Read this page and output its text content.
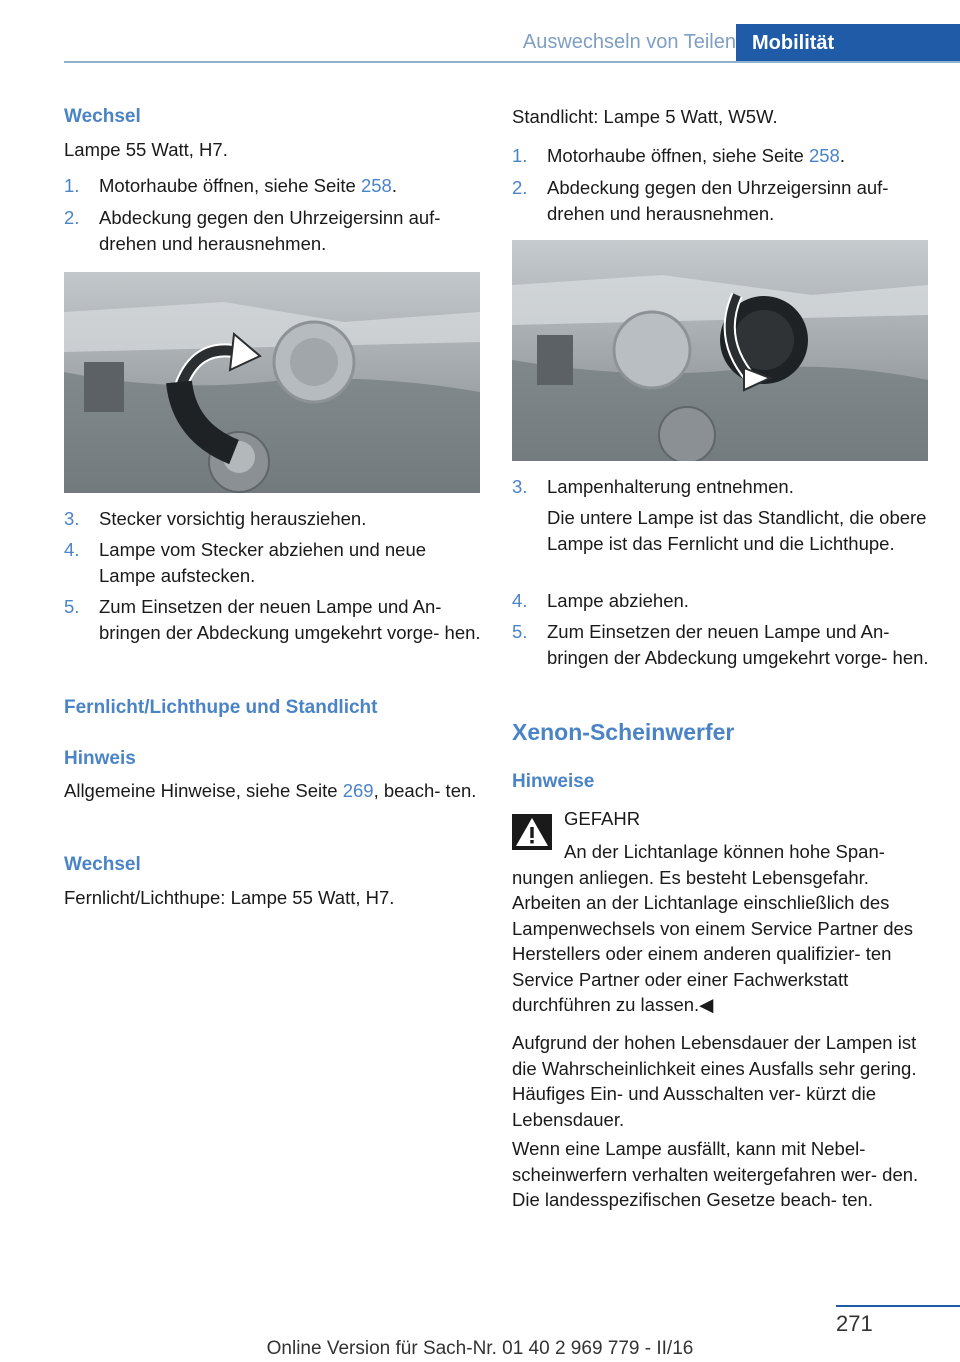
Auswechseln von Teilen Mobilität
Wechsel
Lampe 55 Watt, H7.
1. Motorhaube öffnen, siehe Seite 258.
2. Abdeckung gegen den Uhrzeigersinn auf‐ drehen und herausnehmen.
3. Stecker vorsichtig herausziehen.
4. Lampe vom Stecker abziehen und neue Lampe aufstecken.
5. Zum Einsetzen der neuen Lampe und An‐ bringen der Abdeckung umgekehrt vorge‐ hen.
Fernlicht/Lichthupe und Standlicht
Hinweis
Allgemeine Hinweise, siehe Seite 269, beach‐ ten.
Wechsel
Fernlicht/Lichthupe: Lampe 55 Watt, H7.
Standlicht: Lampe 5 Watt, W5W.
1. Motorhaube öffnen, siehe Seite 258.
2. Abdeckung gegen den Uhrzeigersinn auf‐ drehen und herausnehmen.
3. Lampenhalterung entnehmen.
Die untere Lampe ist das Standlicht, die obere Lampe ist das Fernlicht und die Lichthupe.
4. Lampe abziehen.
5. Zum Einsetzen der neuen Lampe und An‐ bringen der Abdeckung umgekehrt vorge‐ hen.
Xenon-Scheinwerfer
Hinweise
GEFAHR
An der Lichtanlage können hohe Span‐ nungen anliegen. Es besteht Lebensgefahr. Arbeiten an der Lichtanlage einschließlich des Lampenwechsels von einem Service Partner des Herstellers oder einem anderen qualifizier‐ ten Service Partner oder einer Fachwerkstatt durchführen zu lassen.◀
Aufgrund der hohen Lebensdauer der Lampen ist die Wahrscheinlichkeit eines Ausfalls sehr gering. Häufiges Ein- und Ausschalten ver‐ kürzt die Lebensdauer.
Wenn eine Lampe ausfällt, kann mit Nebel‐ scheinwerfern verhalten weitergefahren wer‐ den. Die landesspezifischen Gesetze beach‐ ten.
271
Online Version für Sach-Nr. 01 40 2 969 779 - II/16
